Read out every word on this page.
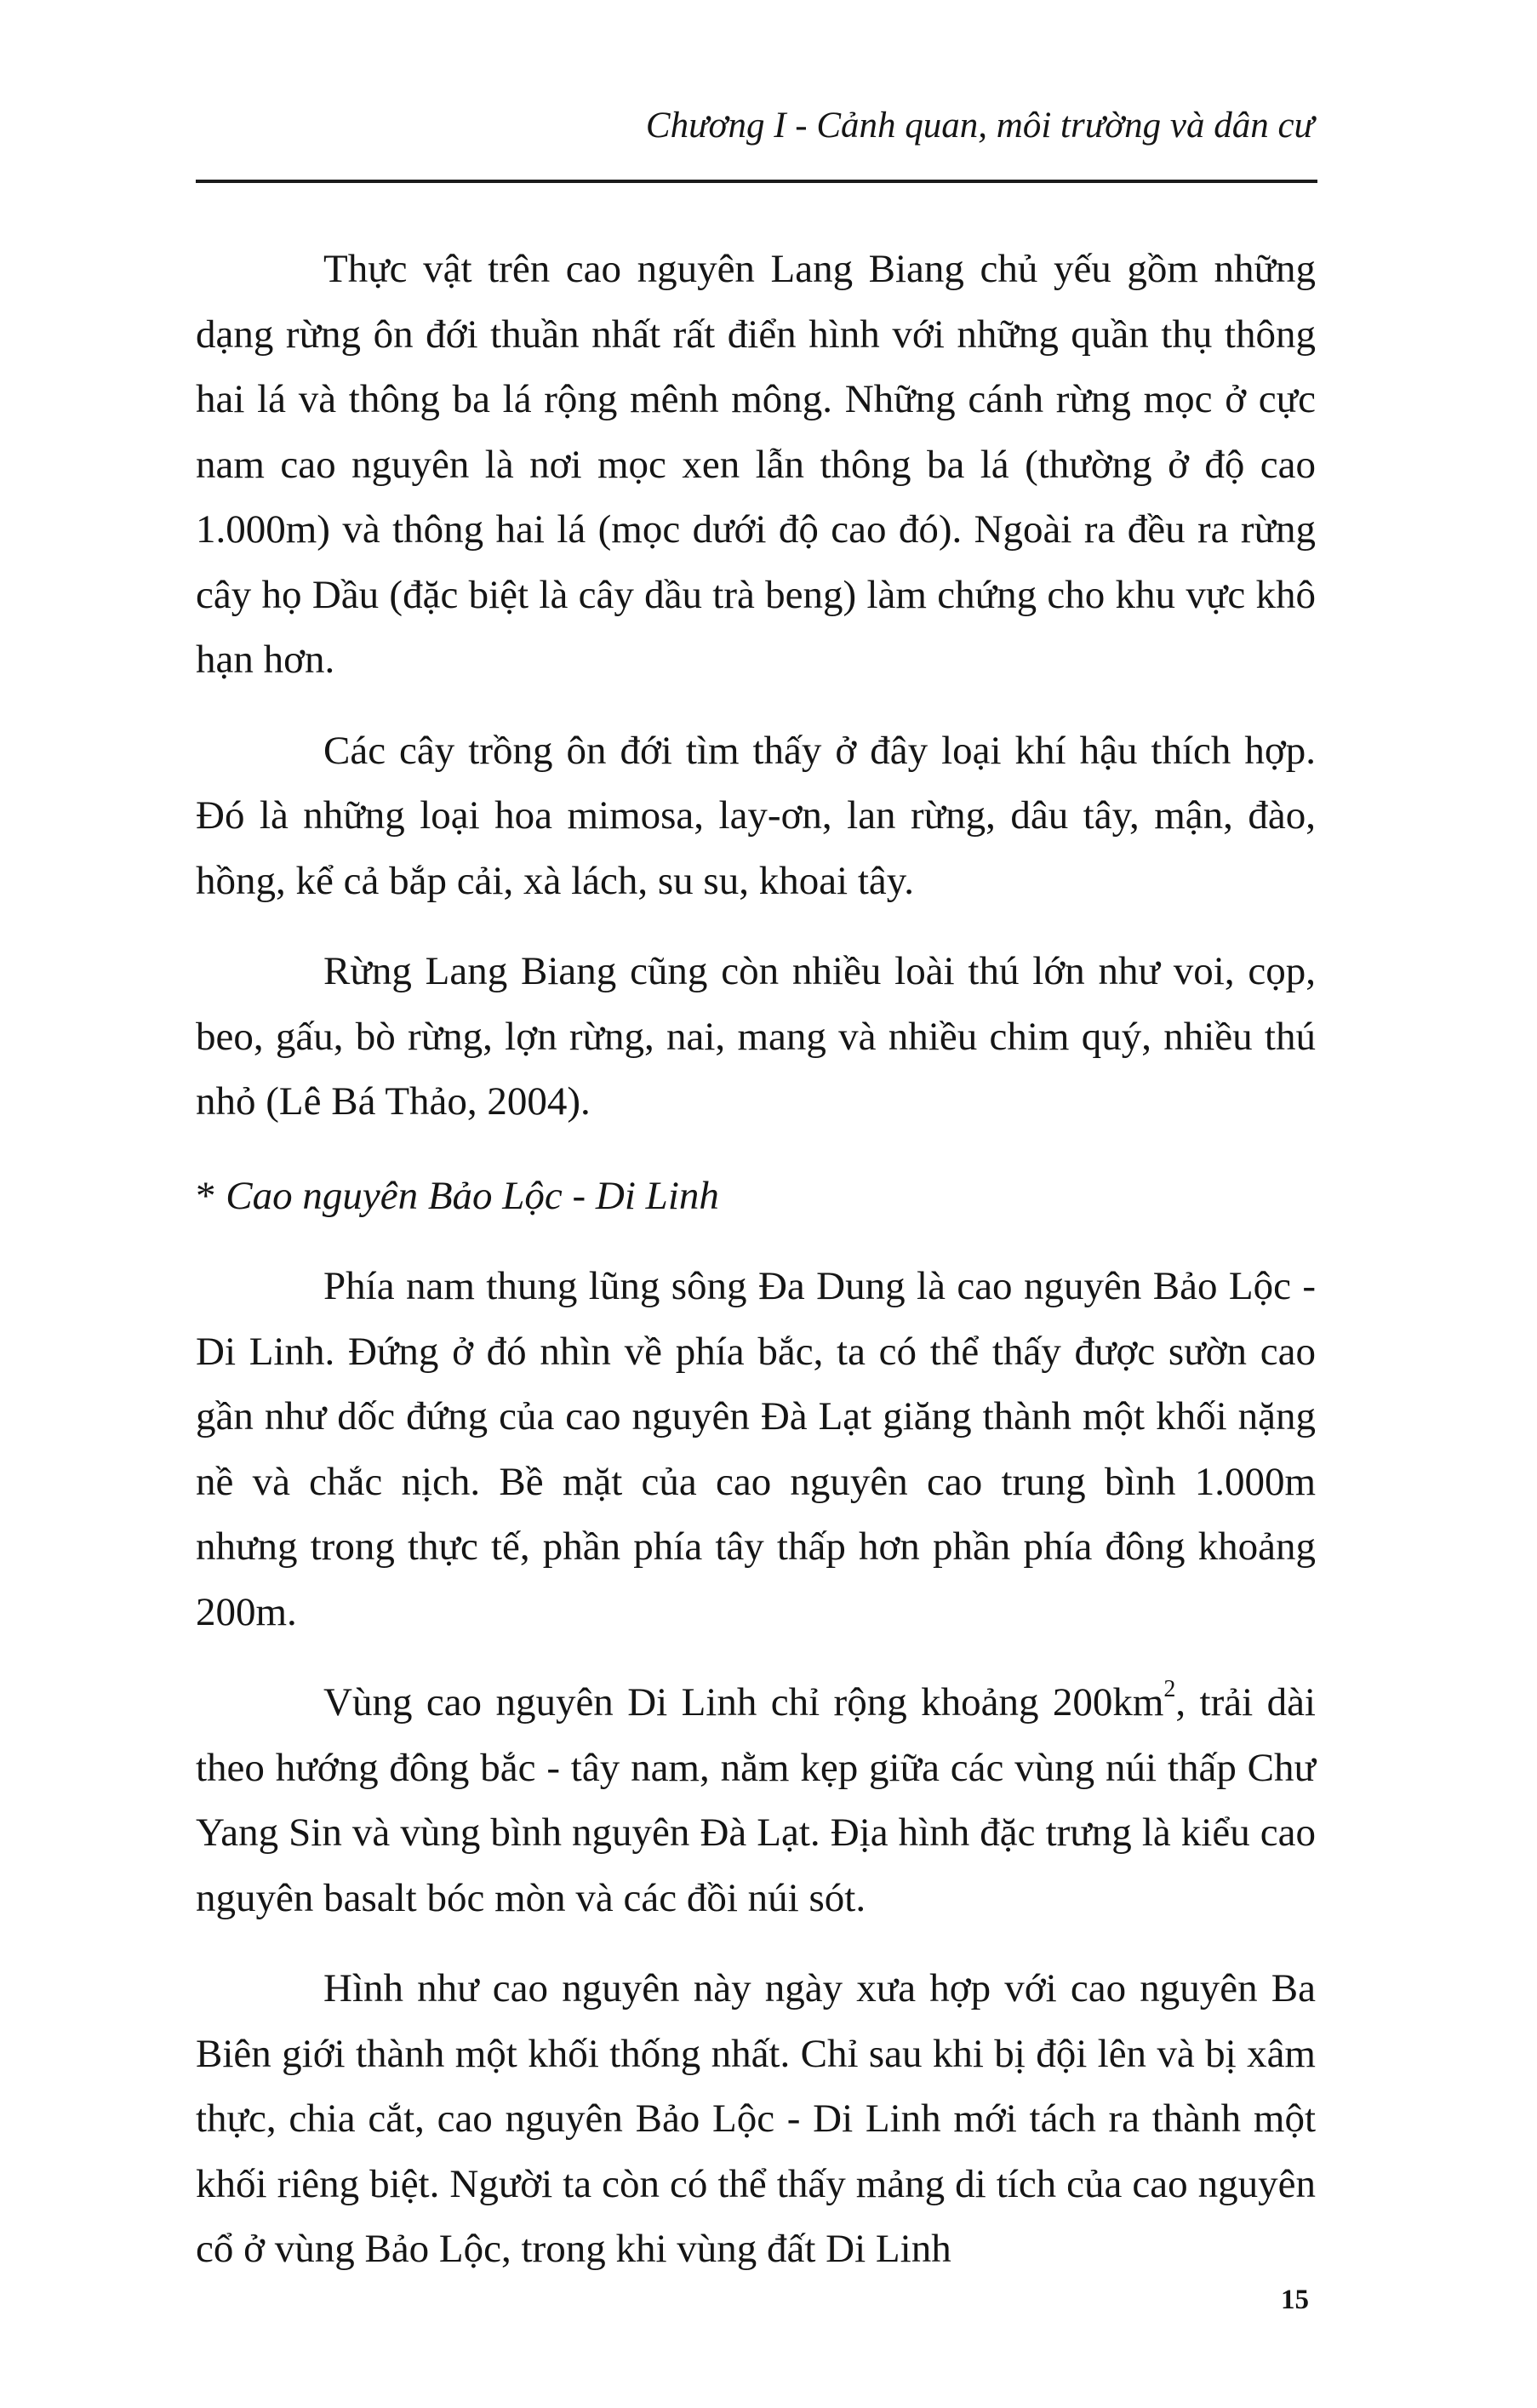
Chương I - Cảnh quan, môi trường và dân cư

Thực vật trên cao nguyên Lang Biang chủ yếu gồm những dạng rừng ôn đới thuần nhất rất điển hình với những quần thụ thông hai lá và thông ba lá rộng mênh mông. Những cánh rừng mọc ở cực nam cao nguyên là nơi mọc xen lẫn thông ba lá (thường ở độ cao 1.000m) và thông hai lá (mọc dưới độ cao đó). Ngoài ra đều ra rừng cây họ Dầu (đặc biệt là cây dầu trà beng) làm chứng cho khu vực khô hạn hơn.

Các cây trồng ôn đới tìm thấy ở đây loại khí hậu thích hợp. Đó là những loại hoa mimosa, lay-ơn, lan rừng, dâu tây, mận, đào, hồng, kể cả bắp cải, xà lách, su su, khoai tây.

Rừng Lang Biang cũng còn nhiều loài thú lớn như voi, cọp, beo, gấu, bò rừng, lợn rừng, nai, mang và nhiều chim quý, nhiều thú nhỏ (Lê Bá Thảo, 2004).

* Cao nguyên Bảo Lộc - Di Linh

Phía nam thung lũng sông Đa Dung là cao nguyên Bảo Lộc - Di Linh. Đứng ở đó nhìn về phía bắc, ta có thể thấy được sườn cao gần như dốc đứng của cao nguyên Đà Lạt giăng thành một khối nặng nề và chắc nịch. Bề mặt của cao nguyên cao trung bình 1.000m nhưng trong thực tế, phần phía tây thấp hơn phần phía đông khoảng 200m.

Vùng cao nguyên Di Linh chỉ rộng khoảng $200km^2$, trải dài theo hướng đông bắc - tây nam, nằm kẹp giữa các vùng núi thấp Chư Yang Sin và vùng bình nguyên Đà Lạt. Địa hình đặc trưng là kiểu cao nguyên basalt bóc mòn và các đồi núi sót.

Hình như cao nguyên này ngày xưa hợp với cao nguyên Ba Biên giới thành một khối thống nhất. Chỉ sau khi bị đội lên và bị xâm thực, chia cắt, cao nguyên Bảo Lộc - Di Linh mới tách ra thành một khối riêng biệt. Người ta còn có thể thấy mảng di tích của cao nguyên cổ ở vùng Bảo Lộc, trong khi vùng đất Di Linh

15
